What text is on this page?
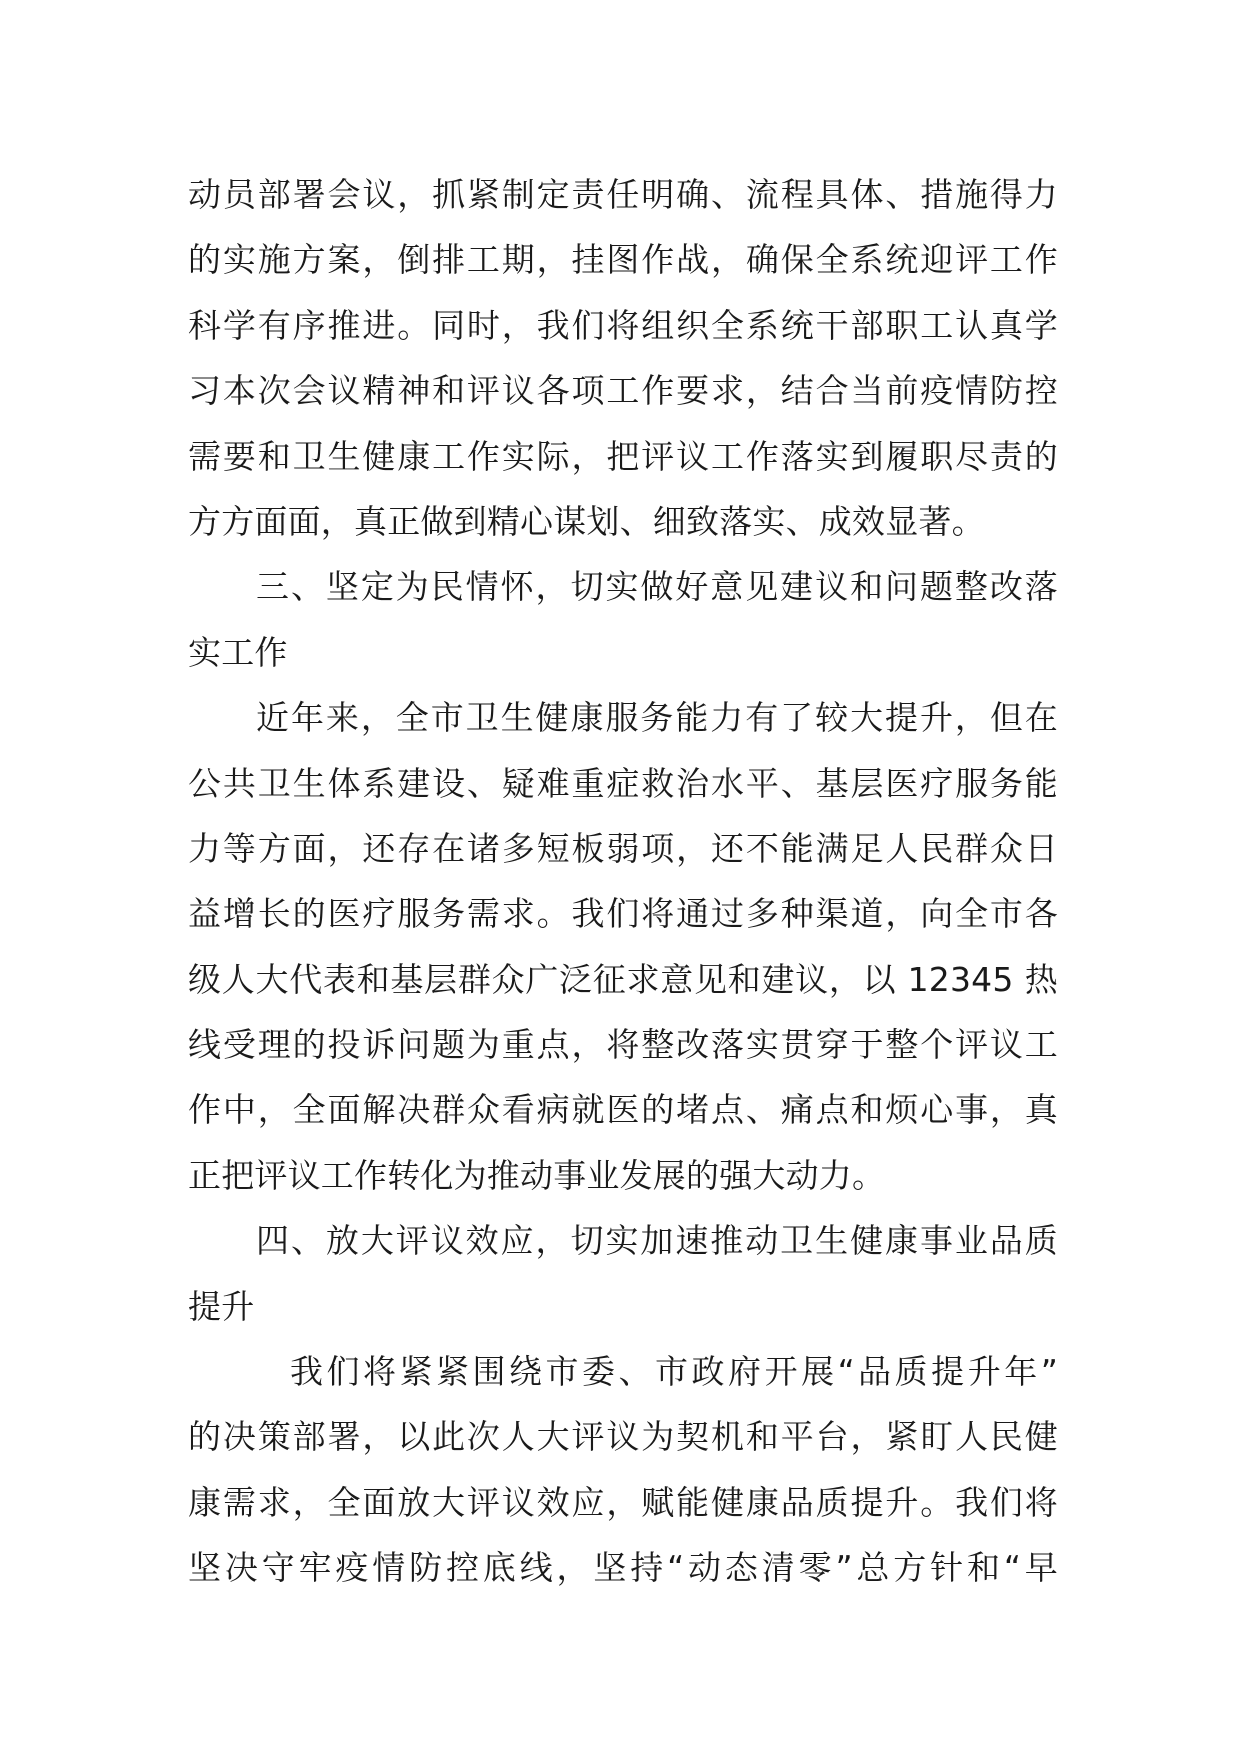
动员部署会议，抓紧制定责任明确、流程具体、措施得力
的实施方案，倒排工期，挂图作战，确保全系统迎评工作
科学有序推进。同时，我们将组织全系统干部职工认真学
习本次会议精神和评议各项工作要求，结合当前疫情防控
需要和卫生健康工作实际，把评议工作落实到履职尽责的
方方面面，真正做到精心谋划、细致落实、成效显著。
三、坚定为民情怀，切实做好意见建议和问题整改落
实工作
近年来，全市卫生健康服务能力有了较大提升，但在
公共卫生体系建设、疑难重症救治水平、基层医疗服务能
力等方面，还存在诸多短板弱项，还不能满足人民群众日
益增长的医疗服务需求。我们将通过多种渠道，向全市各
级人大代表和基层群众广泛征求意见和建议，以 12345 热
线受理的投诉问题为重点，将整改落实贯穿于整个评议工
作中，全面解决群众看病就医的堵点、痛点和烦心事，真
正把评议工作转化为推动事业发展的强大动力。
四、放大评议效应，切实加速推动卫生健康事业品质
提升
我们将紧紧围绕市委、市政府开展“品质提升年”
的决策部署，以此次人大评议为契机和平台，紧盯人民健
康需求，全面放大评议效应，赋能健康品质提升。我们将
坚决守牢疫情防控底线，坚持“动态清零”总方针和“早
